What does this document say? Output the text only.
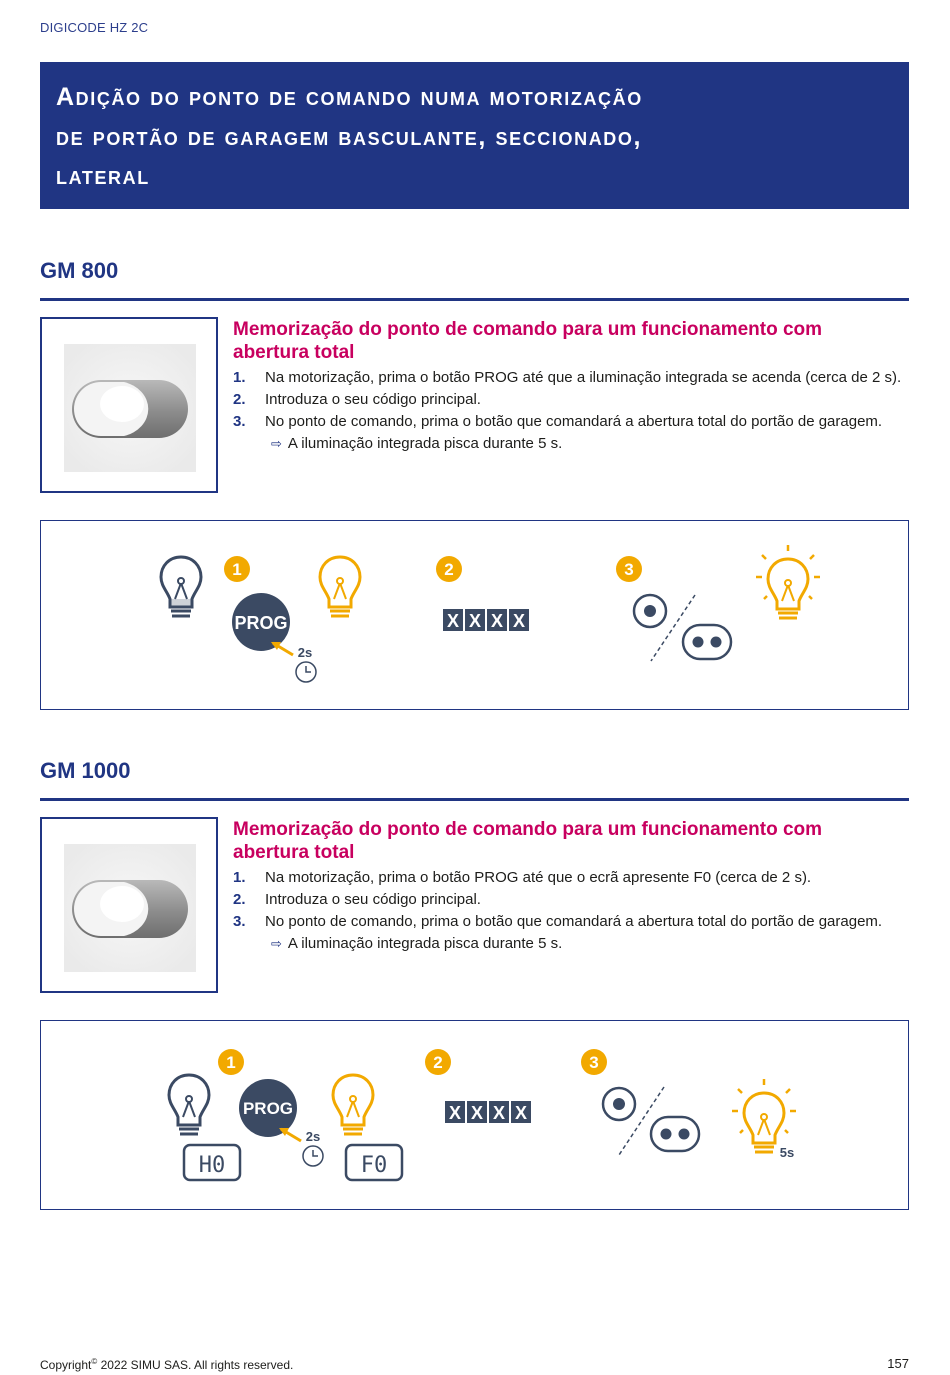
DIGICODE HZ 2C
Adição do ponto de comando numa motorização
de portão de garagem basculante, seccionado,
lateral
GM 800
Memorização do ponto de comando para um funcionamento com
abertura total
1. Na motorização, prima o botão PROG até que a iluminação integrada se acenda (cerca de 2 s).
2. Introduza o seu código principal.
3. No ponto de comando, prima o botão que comandará a abertura total do portão de garagem.
⇨ A iluminação integrada pisca durante 5 s.
1
PROG
2s
2
X X X X
3
GM 1000
Memorização do ponto de comando para um funcionamento com
abertura total
1. Na motorização, prima o botão PROG até que o ecrã apresente F0 (cerca de 2 s).
2. Introduza o seu código principal.
3. No ponto de comando, prima o botão que comandará a abertura total do portão de garagem.
⇨ A iluminação integrada pisca durante 5 s.
H0
1
PROG
2s
F0
2
X X X X
3
5s
Copyright© 2022 SIMU SAS. All rights reserved.	157
